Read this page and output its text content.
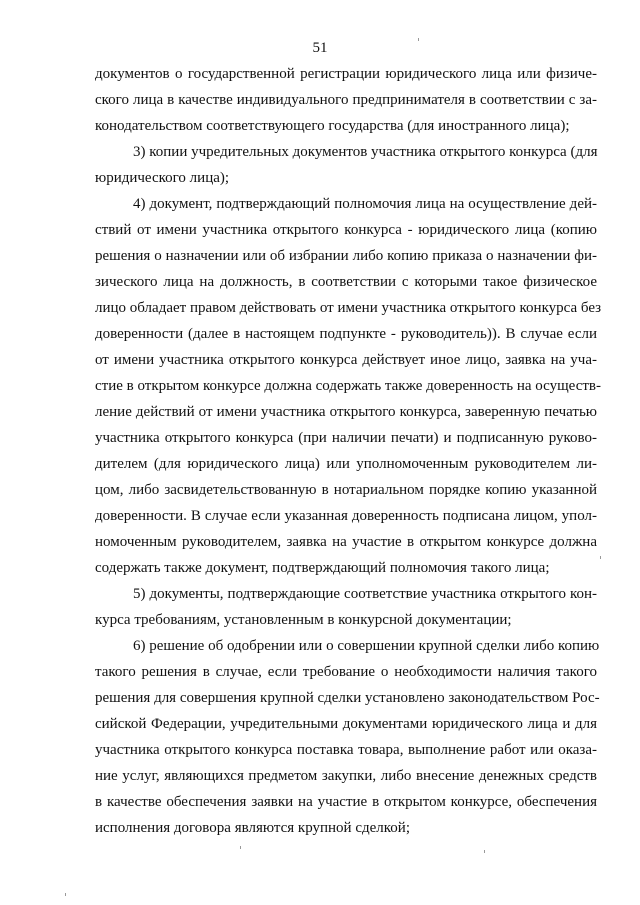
51
документов о государственной регистрации юридического лица или физиче-
ского лица в качестве индивидуального предпринимателя в соответствии с за-
конодательством соответствующего государства (для иностранного лица);
3) копии учредительных документов участника открытого конкурса (для
юридического лица);
4) документ, подтверждающий полномочия лица на осуществление дей-
ствий от имени участника открытого конкурса - юридического лица (копию
решения о назначении или об избрании либо копию приказа о назначении фи-
зического лица на должность, в соответствии с которыми такое физическое
лицо обладает правом действовать от имени участника открытого конкурса без
доверенности (далее в настоящем подпункте - руководитель)). В случае если
от имени участника открытого конкурса действует иное лицо, заявка на уча-
стие в открытом конкурсе должна содержать также доверенность на осуществ-
ление действий от имени участника открытого конкурса, заверенную печатью
участника открытого конкурса (при наличии печати) и подписанную руково-
дителем (для юридического лица) или уполномоченным руководителем ли-
цом, либо засвидетельствованную в нотариальном порядке копию указанной
доверенности. В случае если указанная доверенность подписана лицом, упол-
номоченным руководителем, заявка на участие в открытом конкурсе должна
содержать также документ, подтверждающий полномочия такого лица;
5) документы, подтверждающие соответствие участника открытого кон-
курса требованиям, установленным в конкурсной документации;
6) решение об одобрении или о совершении крупной сделки либо копию
такого решения в случае, если требование о необходимости наличия такого
решения для совершения крупной сделки установлено законодательством Рос-
сийской Федерации, учредительными документами юридического лица и для
участника открытого конкурса поставка товара, выполнение работ или оказа-
ние услуг, являющихся предметом закупки, либо внесение денежных средств
в качестве обеспечения заявки на участие в открытом конкурсе, обеспечения
исполнения договора являются крупной сделкой;
